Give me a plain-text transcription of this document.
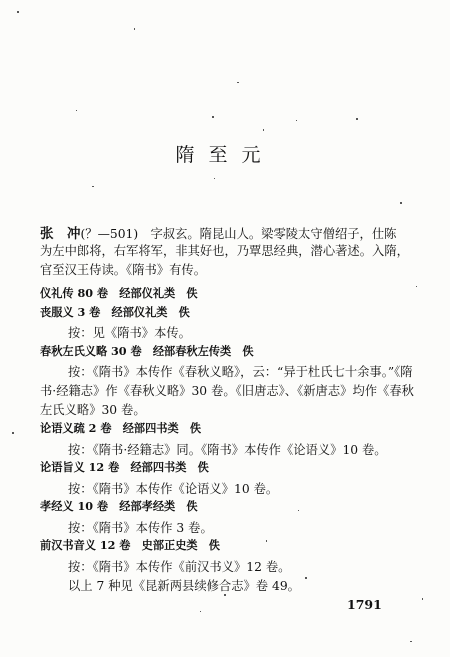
隋至元
张　冲(？—501)　 字叔玄。隋昆山人。梁零陵太守僧绍子，仕陈
为左中郎将，右军将军，非其好也，乃覃思经典，潜心著述。入隋，
官至汉王侍读。《隋书》有传。
仪礼传 80 卷　经部仪礼类　佚
丧服义 3 卷　经部仪礼类　佚
按：见《隋书》本传。
春秋左氏义略 30 卷　经部春秋左传类　佚
按：《隋书》本传作《春秋义略》，云：“异于杜氏七十余事。”《隋
书·经籍志》作《春秋义略》30 卷。《旧唐志》、《新唐志》均作《春秋
左氏义略》30 卷。
论语义疏 2 卷　经部四书类　佚
按：《隋书·经籍志》同。《隋书》本传作《论语义》10 卷。
论语旨义 12 卷　经部四书类　佚
按：《隋书》本传作《论语义》10 卷。
孝经义 10 卷　经部孝经类　佚
按：《隋书》本传作 3 卷。
前汉书音义 12 卷　史部正史类　佚
按：《隋书》本传作《前汉书义》12 卷。
以上 7 种见《昆新两县续修合志》卷 49。
1791
